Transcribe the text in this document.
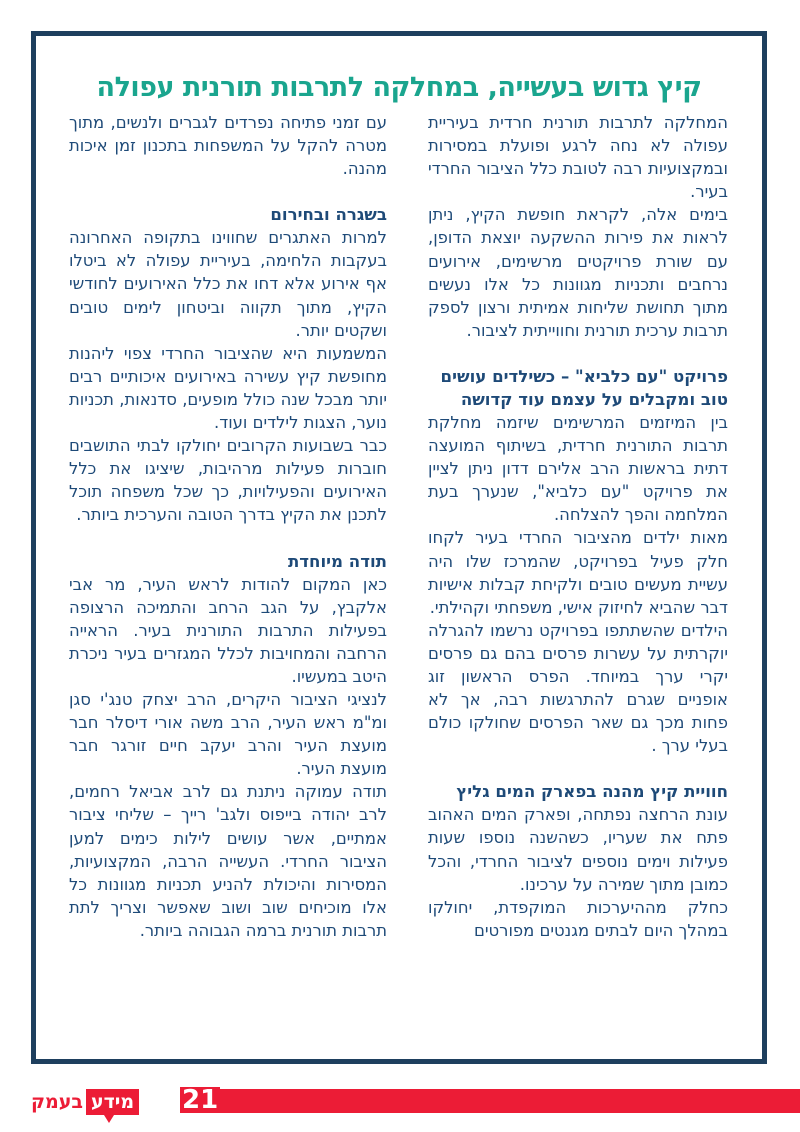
קיץ גדוש בעשייה, במחלקה לתרבות תורנית עפולה

המחלקה לתרבות תורנית חרדית בעיריית עפולה לא נחה לרגע ופועלת במסירות ובמקצועיות רבה לטובת כלל הציבור החרדי בעיר.

בימים אלה, לקראת חופשת הקיץ, ניתן לראות את פירות ההשקעה יוצאת הדופן, עם שורת פרויקטים מרשימים, אירועים נרחבים ותכניות מגוונות כל אלו נעשים מתוך תחושת שליחות אמיתית ורצון לספק תרבות ערכית תורנית וחווייתית לציבור.

פרויקט "עם כלביא" – כשילדים עושים טוב ומקבלים על עצמם עוד קדושה

בין המיזמים המרשימים שיזמה מחלקת תרבות התורנית חרדית, בשיתוף המועצה דתית בראשות הרב אלירם דדון ניתן לציין את פרויקט "עם כלביא", שנערך בעת המלחמה והפך להצלחה.

מאות ילדים מהציבור החרדי בעיר לקחו חלק פעיל בפרויקט, שהמרכז שלו היה עשיית מעשים טובים ולקיחת קבלות אישיות דבר שהביא לחיזוק אישי, משפחתי וקהילתי.

הילדים שהשתתפו בפרויקט נרשמו להגרלה יוקרתית על עשרות פרסים בהם גם פרסים יקרי ערך במיוחד. הפרס הראשון זוג אופניים שגרם להתרגשות רבה, אך לא פחות מכך גם שאר הפרסים שחולקו כולם בעלי ערך .

חוויית קיץ מהנה בפארק המים גליץ

עונת הרחצה נפתחה, ופארק המים האהוב פתח את שעריו, כשהשנה נוספו שעות פעילות וימים נוספים לציבור החרדי, והכל כמובן מתוך שמירה על ערכינו.

כחלק מההיערכות המוקפדת, יחולקו במהלך היום לבתים מגנטים מפורטים

עם זמני פתיחה נפרדים לגברים ולנשים, מתוך מטרה להקל על המשפחות בתכנון זמן איכות מהנה.

בשגרה ובחירום

למרות האתגרים שחווינו בתקופה האחרונה בעקבות הלחימה, בעיריית עפולה לא ביטלו אף אירוע אלא דחו את כלל האירועים לחודשי הקיץ, מתוך תקווה וביטחון לימים טובים ושקטים יותר.

המשמעות היא שהציבור החרדי צפוי ליהנות מחופשת קיץ עשירה באירועים איכותיים רבים יותר מבכל שנה כולל מופעים, סדנאות, תכניות נוער, הצגות לילדים ועוד.

כבר בשבועות הקרובים יחולקו לבתי התושבים חוברות פעילות מרהיבות, שיציגו את כלל האירועים והפעילויות, כך שכל משפחה תוכל לתכנן את הקיץ בדרך הטובה והערכית ביותר.

תודה מיוחדת

כאן המקום להודות לראש העיר, מר אבי אלקבץ, על הגב הרחב והתמיכה הרצופה בפעילות התרבות התורנית בעיר. הראייה הרחבה והמחויבות לכלל המגזרים בעיר ניכרת היטב במעשיו.

לנציגי הציבור היקרים, הרב יצחק טנג'י סגן ומ"מ ראש העיר, הרב משה אורי דיסלר חבר מועצת העיר והרב יעקב חיים זורגר חבר מועצת העיר.

תודה עמוקה ניתנת גם לרב אביאל רחמים, לרב יהודה בייפוס ולגב' רייך – שליחי ציבור אמתיים, אשר עושים לילות כימים למען הציבור החרדי. העשייה הרבה, המקצועיות, המסירות והיכולת להניע תכניות מגוונות כל אלו מוכיחים שוב ושוב שאפשר וצריך לתת תרבות תורנית ברמה הגבוהה ביותר.

21
מידע
בעמק
